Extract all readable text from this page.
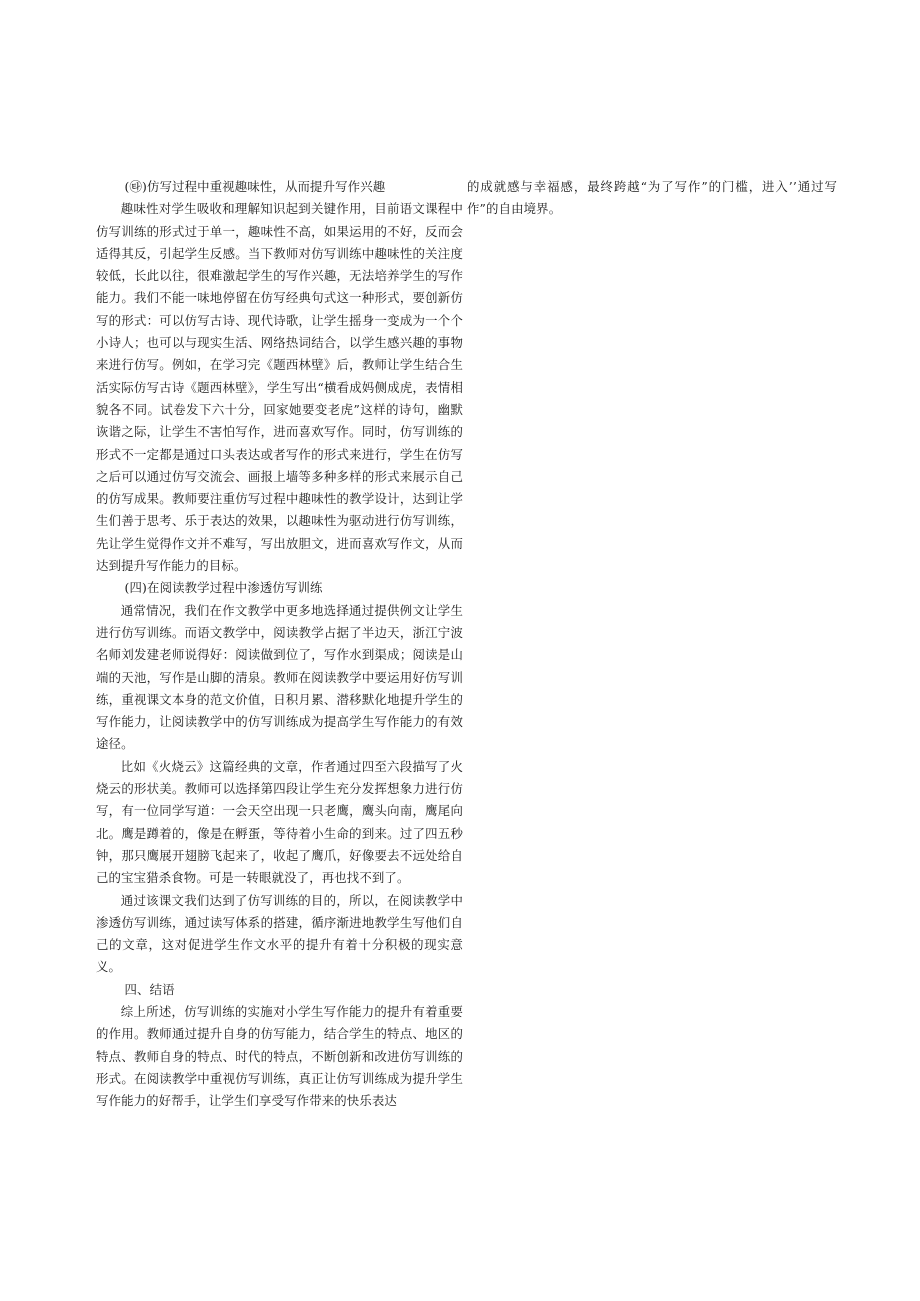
(㉹)仿写过程中重视趣味性，从而提升写作兴趣

趣味性对学生吸收和理解知识起到关键作用，目前语文课程中仿写训练的形式过于单一，趣味性不高，如果运用的不好，反而会适得其反，引起学生反感。当下教师对仿写训练中趣味性的关注度较低，长此以往，很难激起学生的写作兴趣，无法培养学生的写作能力。我们不能一味地停留在仿写经典句式这一种形式，要创新仿写的形式：可以仿写古诗、现代诗歌，让学生摇身一变成为一个个小诗人；也可以与现实生活、网络热词结合，以学生感兴趣的事物来进行仿写。例如，在学习完《题西林壁》后，教师让学生结合生活实际仿写古诗《题西林壁》，学生写出“横看成妈侧成虎，表情相貌各不同。试卷发下六十分，回家她要变老虎”这样的诗句，幽默诙谐之际，让学生不害怕写作，进而喜欢写作。同时，仿写训练的形式不一定都是通过口头表达或者写作的形式来进行，学生在仿写之后可以通过仿写交流会、画报上墙等多种多样的形式来展示自己的仿写成果。教师要注重仿写过程中趣味性的教学设计，达到让学生们善于思考、乐于表达的效果，以趣味性为驱动进行仿写训练，先让学生觉得作文并不难写，写出放胆文，进而喜欢写作文，从而达到提升写作能力的目标。

(四)在阅读教学过程中渗透仿写训练

通常情况，我们在作文教学中更多地选择通过提供例文让学生进行仿写训练。而语文教学中，阅读教学占据了半边天，浙江宁波名师刘发建老师说得好：阅读做到位了，写作水到渠成；阅读是山端的天池，写作是山脚的清泉。教师在阅读教学中要运用好仿写训练，重视课文本身的范文价值，日积月累、潜移默化地提升学生的写作能力，让阅读教学中的仿写训练成为提高学生写作能力的有效途径。

比如《火烧云》这篇经典的文章，作者通过四至六段描写了火烧云的形状美。教师可以选择第四段让学生充分发挥想象力进行仿写，有一位同学写道：一会天空出现一只老鹰，鹰头向南，鹰尾向北。鹰是蹲着的，像是在孵蛋，等待着小生命的到来。过了四五秒钟，那只鹰展开翅膀飞起来了，收起了鹰爪，好像要去不远处给自己的宝宝猎杀食物。可是一转眼就没了，再也找不到了。

通过该课文我们达到了仿写训练的目的，所以，在阅读教学中渗透仿写训练，通过读写体系的搭建，循序渐进地教学生写他们自己的文章，这对促进学生作文水平的提升有着十分积极的现实意义。

四、结语

综上所述，仿写训练的实施对小学生写作能力的提升有着重要的作用。教师通过提升自身的仿写能力，结合学生的特点、地区的特点、教师自身的特点、时代的特点，不断创新和改进仿写训练的形式。在阅读教学中重视仿写训练，真正让仿写训练成为提升学生写作能力的好帮手，让学生们享受写作带来的快乐表达

的成就感与幸福感，最终跨越“为了写作”的门槛，进入’’通过写作”的自由境界。
